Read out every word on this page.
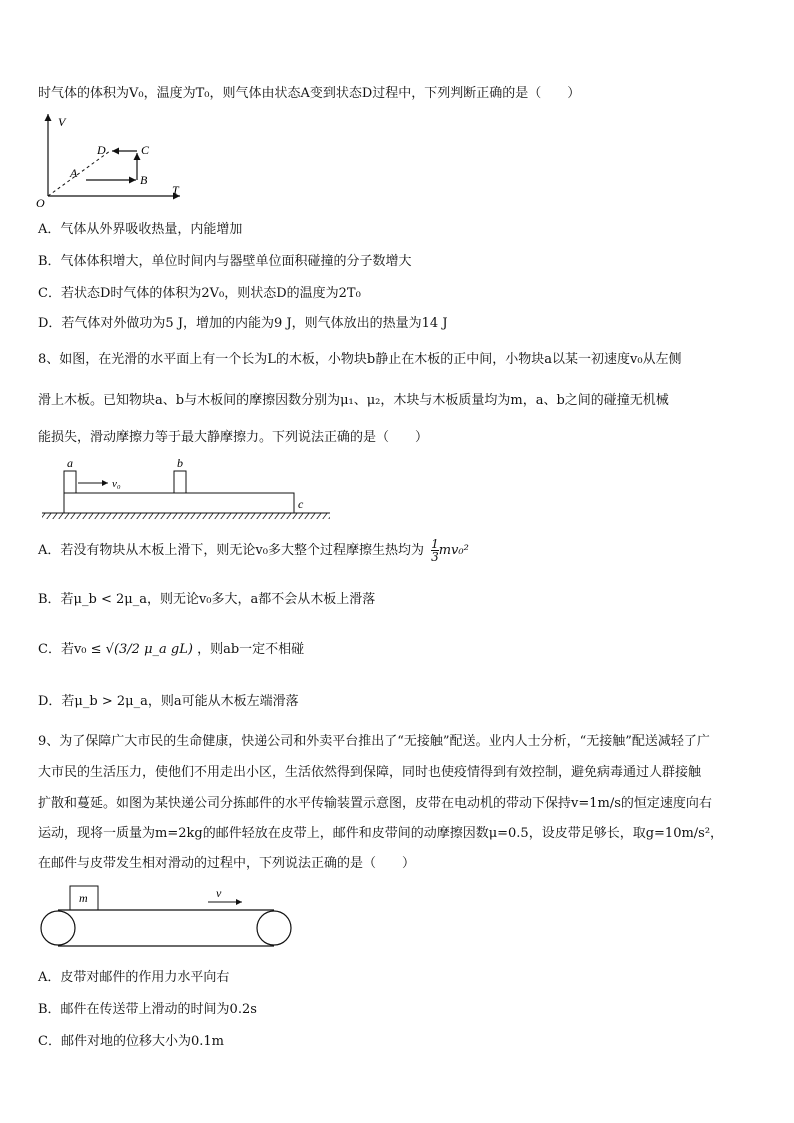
时气体的体积为V₀，温度为T₀，则气体由状态A变到状态D过程中，下列判断正确的是（　　）
V
T
O
A	B
C
D
A．气体从外界吸收热量，内能增加
B．气体体积增大，单位时间内与器壁单位面积碰撞的分子数增大
C．若状态D时气体的体积为2V₀，则状态D的温度为2T₀
D．若气体对外做功为5 J，增加的内能为9 J，则气体放出的热量为14 J
8、如图，在光滑的水平面上有一个长为L的木板，小物块b静止在木板的正中间，小物块a以某一初速度v₀从左侧
滑上木板。已知物块a、b与木板间的摩擦因数分别为μ₁、μ₂，木块与木板质量均为m，a、b之间的碰撞无机械
能损失，滑动摩擦力等于最大静摩擦力。下列说法正确的是（　　）
v₀
a	b
c
A．若没有物块从木板上滑下，则无论v₀多大整个过程摩擦生热均为 $\frac{1}{3} mv_0^2$
B．若μ_b < 2μ_a，则无论v₀多大，a都不会从木板上滑落
C．若v₀ ≤ √(3/2 μ_a gL) ，则ab一定不相碰
D．若μ_b > 2μ_a，则a可能从木板左端滑落
9、为了保障广大市民的生命健康，快递公司和外卖平台推出了“无接触”配送。业内人士分析，“无接触”配送减轻了广
大市民的生活压力，使他们不用走出小区，生活依然得到保障，同时也使疫情得到有效控制，避免病毒通过人群接触
扩散和蔓延。如图为某快递公司分拣邮件的水平传输装置示意图，皮带在电动机的带动下保持v=1m/s的恒定速度向右
运动，现将一质量为m=2kg的邮件轻放在皮带上，邮件和皮带间的动摩擦因数μ=0.5，设皮带足够长，取g=10m/s²，
在邮件与皮带发生相对滑动的过程中，下列说法正确的是（　　）
m	v
A．皮带对邮件的作用力水平向右
B．邮件在传送带上滑动的时间为0.2s
C．邮件对地的位移大小为0.1m
